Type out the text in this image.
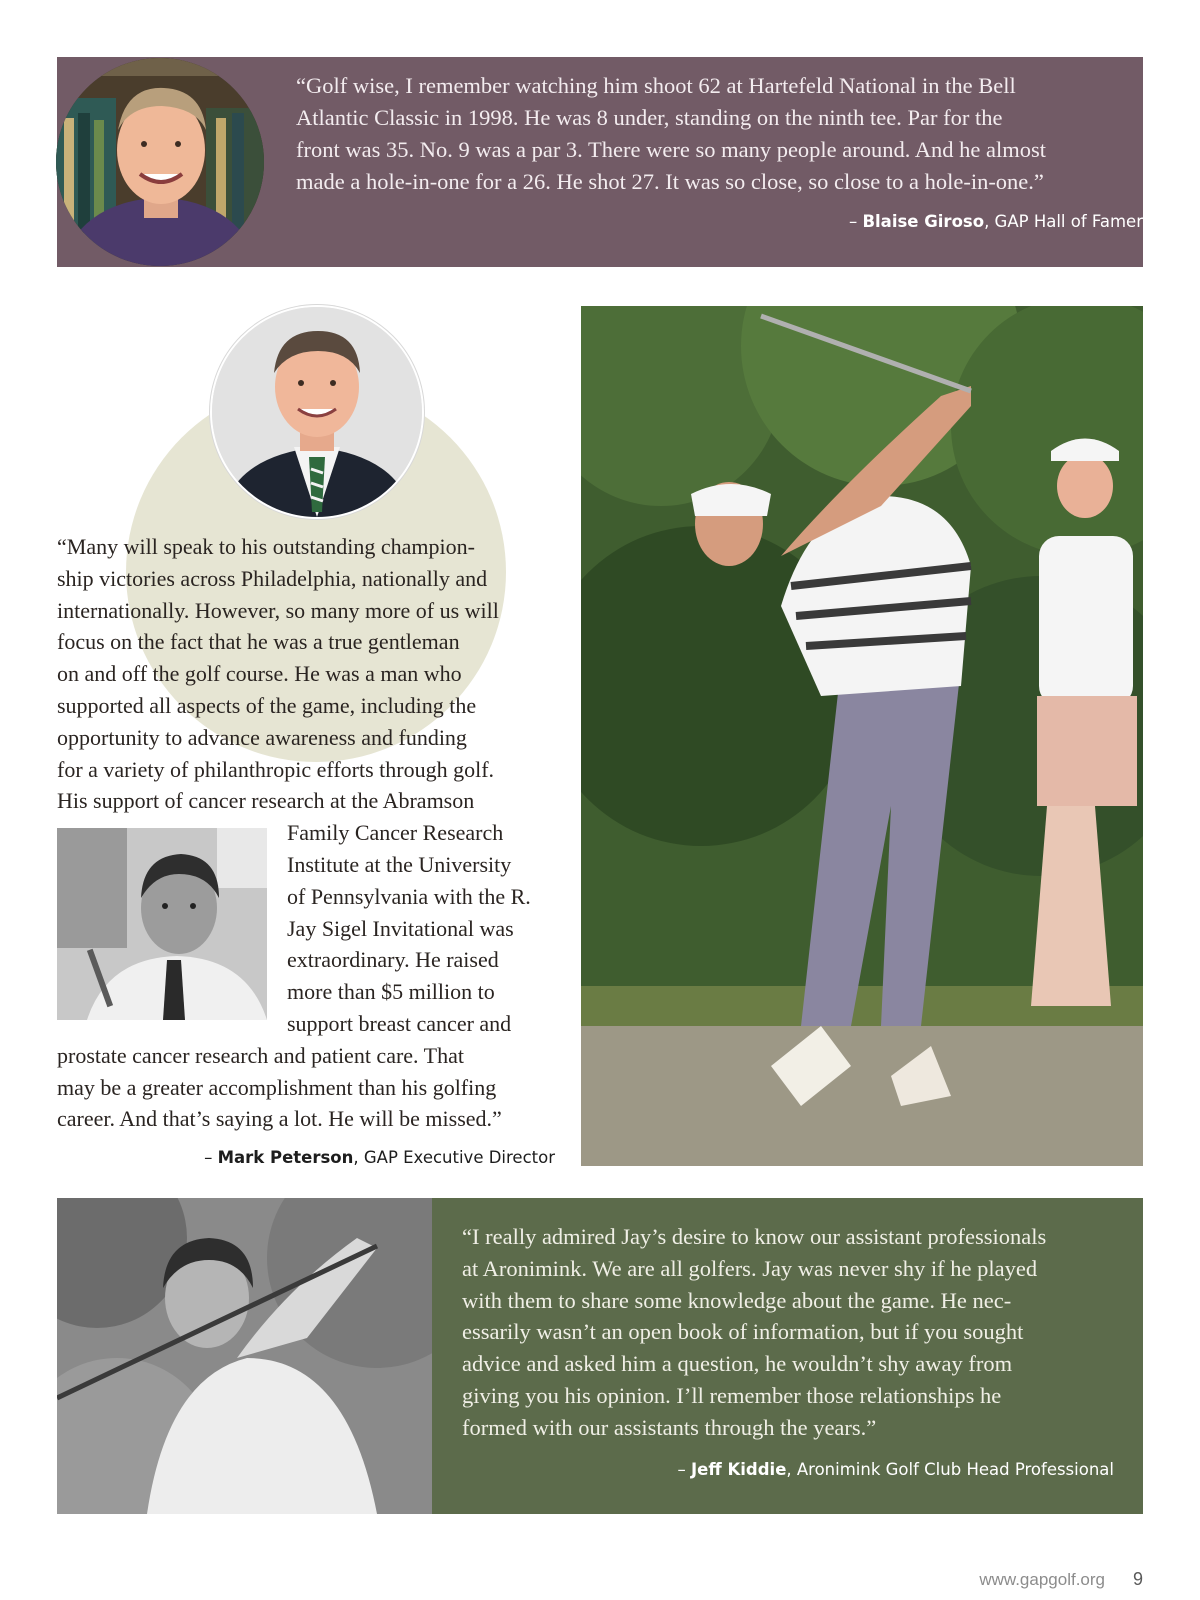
“Golf wise, I remember watching him shoot 62 at Hartefeld National in the Bell
Atlantic Classic in 1998. He was 8 under, standing on the ninth tee. Par for the
front was 35. No. 9 was a par 3. There were so many people around. And he almost
made a hole-in-one for a 26. He shot 27. It was so close, so close to a hole-in-one.”
– Blaise Giroso, GAP Hall of Famer
“Many will speak to his outstanding champion-
ship victories across Philadelphia, nationally and
internationally. However, so many more of us will
focus on the fact that he was a true gentleman
on and off the golf course. He was a man who
supported all aspects of the game, including the
opportunity to advance awareness and funding
for a variety of philanthropic efforts through golf.
His support of cancer research at the Abramson
Family Cancer Research
Institute at the University
of Pennsylvania with the R.
Jay Sigel Invitational was
extraordinary. He raised
more than $5 million to
support breast cancer and
prostate cancer research and patient care. That
may be a greater accomplishment than his golfing
career. And that’s saying a lot. He will be missed.”
– Mark Peterson, GAP Executive Director
“I really admired Jay’s desire to know our assistant professionals
at Aronimink. We are all golfers. Jay was never shy if he played
with them to share some knowledge about the game. He nec-
essarily wasn’t an open book of information, but if you sought
advice and asked him a question, he wouldn’t shy away from
giving you his opinion. I’ll remember those relationships he
formed with our assistants through the years.”
– Jeff Kiddie, Aronimink Golf Club Head Professional
www.gapgolf.org 9
